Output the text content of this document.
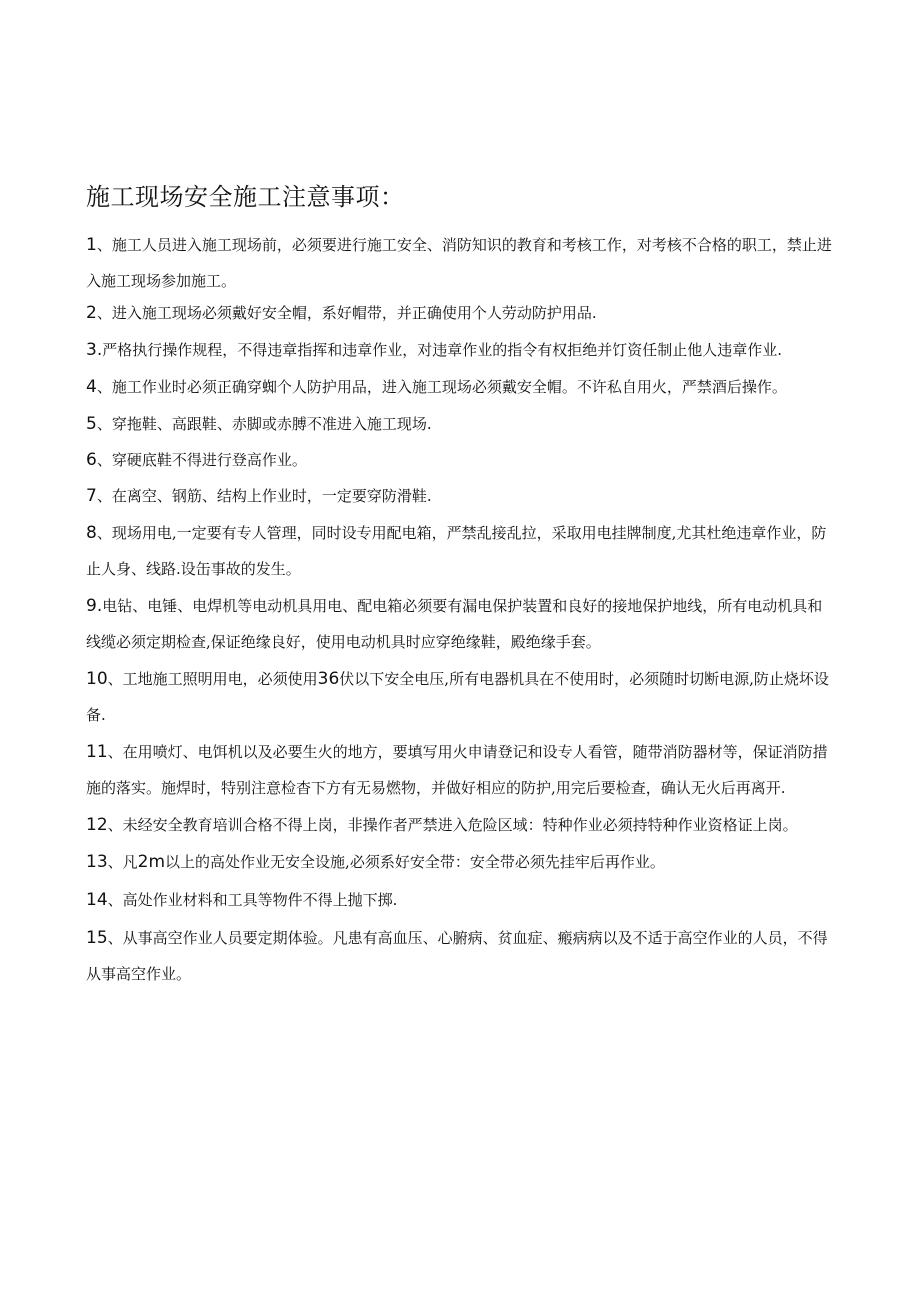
施工现场安全施工注意事项：
1、施工人员进入施工现场前，必须要进行施工安全、消防知识的教育和考核工作，对考核不合格的职工，禁止进入施工现场参加施工。
2、进入施工现场必须戴好安全帽，系好帽带，并正确使用个人劳动防护用品.
3.严格执行操作规程，不得违章指挥和违章作业，对违章作业的指令有权拒绝并饤资任制止他人违章作业.
4、施工作业时必须正确穿蜘个人防护用品，进入施工现场必须戴安全帽。不许私自用火，严禁酒后操作。
5、穿拖鞋、高跟鞋、赤脚或赤膊不准进入施工现场.
6、穿硬底鞋不得进行登高作业。
7、在离空、钢筋、结构上作业时，一定要穿防滑鞋.
8、现场用电,一定要有专人管理，同时设专用配电箱，严禁乱接乱拉，采取用电挂牌制度,尤其杜绝违章作业，防止人身、线路.设缶事故的发生。
9.电钻、电锤、电焊机等电动机具用电、配电箱必须要有漏电保护装置和良好的接地保护地线，所有电动机具和线缆必须定期检查,保证绝缘良好，使用电动机具时应穿绝缘鞋，殿绝缘手套。
10、工地施工照明用电，必须使用36伏以下安全电压,所有电器机具在不使用时，必须随时切断电源,防止烧坏设备.
11、在用喷灯、电饵机以及必要生火的地方，要填写用火申请登记和设专人看管，随带消防器材等，保证消防措施的落实。施焊时，特别注意检杳下方有无易燃物，并做好相应的防护,用完后要检查，确认无火后再离开.
12、未经安全教育培训合格不得上岗，非操作者严禁进入危险区域：特种作业必须持特种作业资格证上岗。
13、凡2m以上的高处作业无安全设施,必须系好安全带：安全带必须先挂牢后再作业。
14、高处作业材料和工具等物件不得上抛下掷.
15、从事高空作业人员要定期体验。凡患有高血压、心腑病、贫血症、瘢病病以及不适于高空作业的人员，不得从事高空作业。
